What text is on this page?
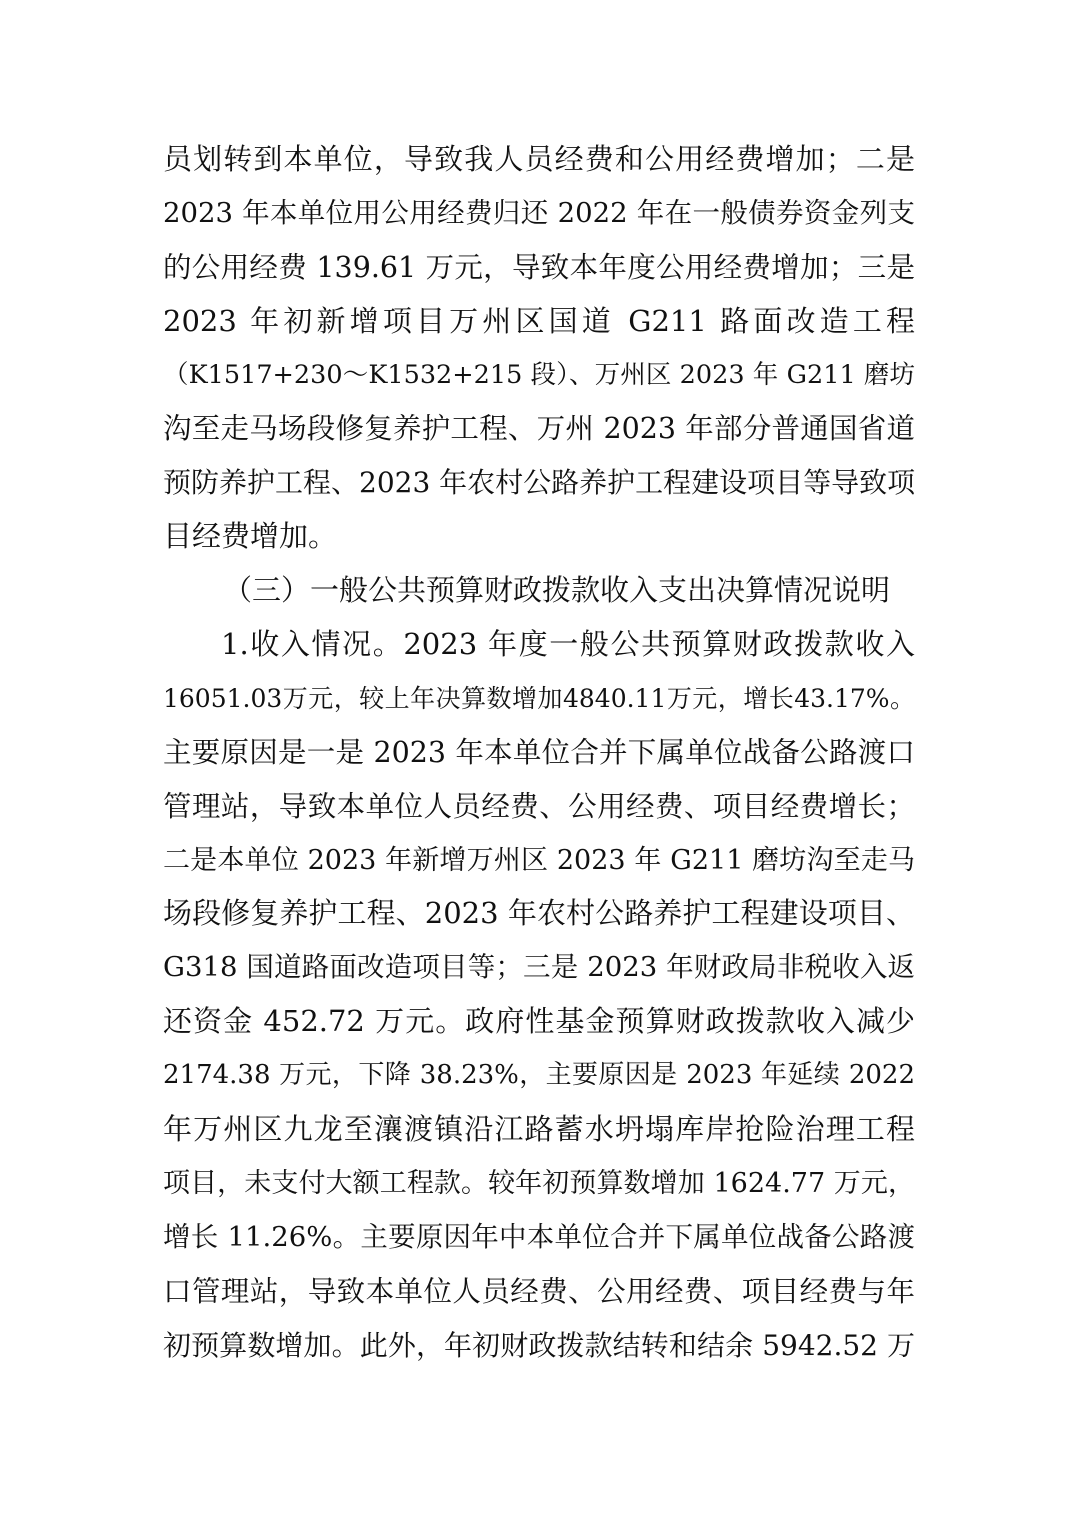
员划转到本单位，导致我人员经费和公用经费增加；二是
2023 年本单位用公用经费归还 2022 年在一般债券资金列支
的公用经费 139.61 万元，导致本年度公用经费增加；三是
2023 年初新增项目万州区国道 G211 路面改造工程
（K1517+230～K1532+215 段）、万州区 2023 年 G211 磨坊
沟至走马场段修复养护工程、万州 2023 年部分普通国省道
预防养护工程、2023 年农村公路养护工程建设项目等导致项
目经费增加。
（三）一般公共预算财政拨款收入支出决算情况说明
1.收入情况。2023 年度一般公共预算财政拨款收入
16051.03万元，较上年决算数增加4840.11万元，增长43.17%。
主要原因是一是 2023 年本单位合并下属单位战备公路渡口
管理站，导致本单位人员经费、公用经费、项目经费增长；
二是本单位 2023 年新增万州区 2023 年 G211 磨坊沟至走马
场段修复养护工程、2023 年农村公路养护工程建设项目、
G318 国道路面改造项目等；三是 2023 年财政局非税收入返
还资金 452.72 万元。政府性基金预算财政拨款收入减少
2174.38 万元，下降 38.23%，主要原因是 2023 年延续 2022
年万州区九龙至瀼渡镇沿江路蓄水坍塌库岸抢险治理工程
项目，未支付大额工程款。较年初预算数增加 1624.77 万元，
增长 11.26%。主要原因年中本单位合并下属单位战备公路渡
口管理站，导致本单位人员经费、公用经费、项目经费与年
初预算数增加。此外，年初财政拨款结转和结余 5942.52 万
